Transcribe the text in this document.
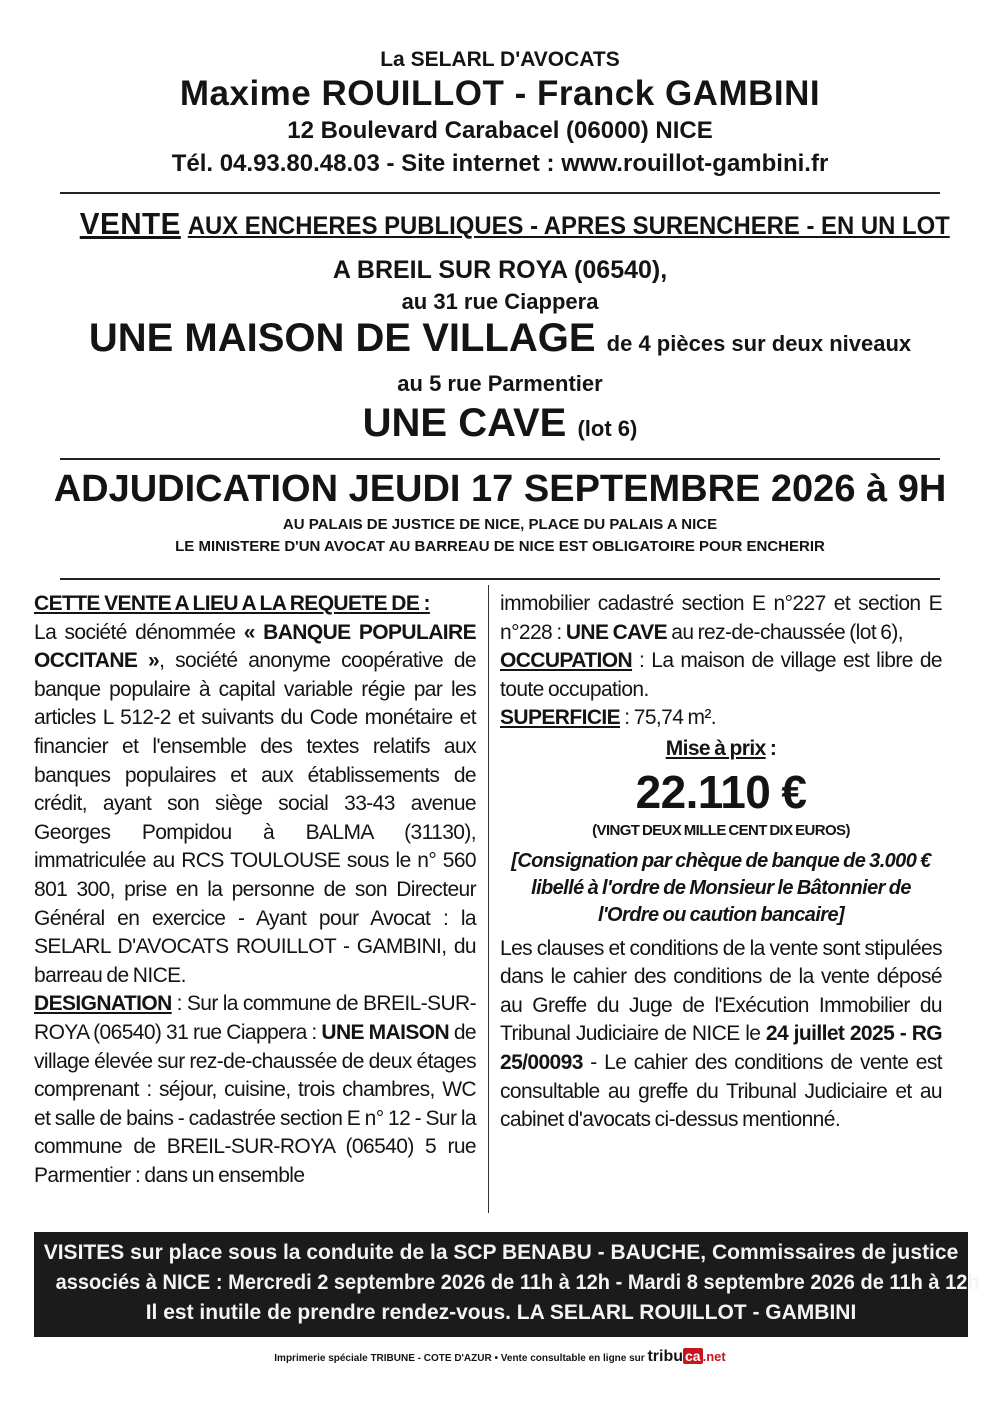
La SELARL D'AVOCATS
Maxime ROUILLOT - Franck GAMBINI
12 Boulevard Carabacel (06000) NICE
Tél. 04.93.80.48.03 - Site internet : www.rouillot-gambini.fr
VENTE AUX ENCHERES PUBLIQUES - APRES SURENCHERE - EN UN LOT
A BREIL SUR ROYA (06540),
au 31 rue Ciappera
UNE MAISON DE VILLAGE de 4 pièces sur deux niveaux
au 5 rue Parmentier
UNE CAVE (lot 6)
ADJUDICATION JEUDI 17 SEPTEMBRE 2026 à 9H
AU PALAIS DE JUSTICE DE NICE, PLACE DU PALAIS A NICE
LE MINISTERE D'UN AVOCAT AU BARREAU DE NICE EST OBLIGATOIRE POUR ENCHERIR

CETTE VENTE A LIEU A LA REQUETE DE :

La société dénommée « BANQUE POPULAIRE OCCITANE », société anonyme coopérative de banque populaire à capital variable régie par les articles L 512-2 et suivants du Code monétaire et financier et l'ensemble des textes relatifs aux banques populaires et aux établissements de crédit, ayant son siège social 33-43 avenue Georges Pompidou à BALMA (31130), immatriculée au RCS TOULOUSE sous le n° 560 801 300, prise en la personne de son Directeur Général en exercice - Ayant pour Avocat : la SELARL D'AVOCATS ROUILLOT - GAMBINI, du barreau de NICE.

DESIGNATION : Sur la commune de BREIL-SUR-ROYA (06540) 31 rue Ciappera : UNE MAISON de village élevée sur rez-de-chaussée de deux étages comprenant : séjour, cuisine, trois chambres, WC et salle de bains - cadastrée section E n° 12 - Sur la commune de BREIL-SUR-ROYA (06540) 5 rue Parmentier : dans un ensemble

immobilier cadastré section E n°227 et section E n°228 : UNE CAVE au rez-de-chaussée (lot 6),

OCCUPATION : La maison de village est libre de toute occupation.

SUPERFICIE : 75,74 m².

Mise à prix :

22.110 €

(VINGT DEUX MILLE CENT DIX EUROS)

[Consignation par chèque de banque de 3.000 € libellé à l'ordre de Monsieur le Bâtonnier de l'Ordre ou caution bancaire]

Les clauses et conditions de la vente sont stipulées dans le cahier des conditions de la vente déposé au Greffe du Juge de l'Exécution Immobilier du Tribunal Judiciaire de NICE le 24 juillet 2025 - RG 25/00093 - Le cahier des conditions de vente est consultable au greffe du Tribunal Judiciaire et au cabinet d'avocats ci-dessus mentionné.

VISITES sur place sous la conduite de la SCP BENABU - BAUCHE, Commissaires de justice
associés à NICE : Mercredi 2 septembre 2026 de 11h à 12h - Mardi 8 septembre 2026 de 11h à 12h
Il est inutile de prendre rendez-vous. LA SELARL ROUILLOT - GAMBINI
Imprimerie spéciale TRIBUNE - COTE D'AZUR • Vente consultable en ligne sur tribu ca .net
